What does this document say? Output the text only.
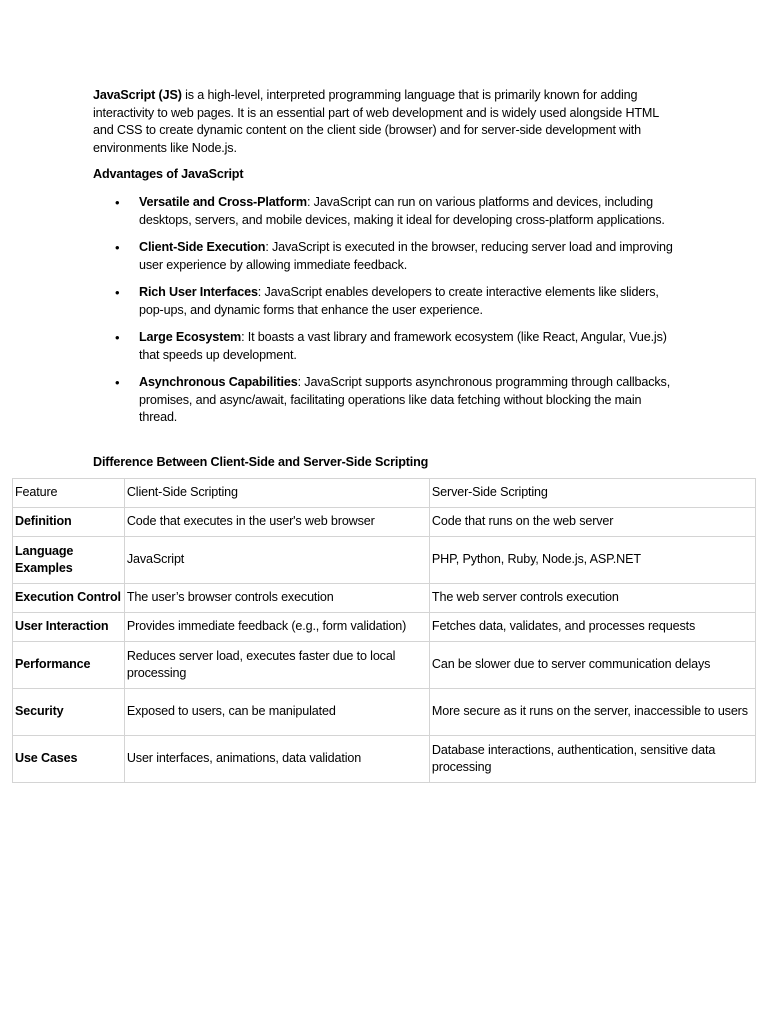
JavaScript (JS) is a high-level, interpreted programming language that is primarily known for adding interactivity to web pages. It is an essential part of web development and is widely used alongside HTML and CSS to create dynamic content on the client side (browser) and for server-side development with environments like Node.js.

Advantages of JavaScript

• Versatile and Cross-Platform: JavaScript can run on various platforms and devices, including desktops, servers, and mobile devices, making it ideal for developing cross-platform applications.
• Client-Side Execution: JavaScript is executed in the browser, reducing server load and improving user experience by allowing immediate feedback.
• Rich User Interfaces: JavaScript enables developers to create interactive elements like sliders, pop-ups, and dynamic forms that enhance the user experience.
• Large Ecosystem: It boasts a vast library and framework ecosystem (like React, Angular, Vue.js) that speeds up development.
• Asynchronous Capabilities: JavaScript supports asynchronous programming through callbacks, promises, and async/await, facilitating operations like data fetching without blocking the main thread.

Difference Between Client-Side and Server-Side Scripting

Feature	Client-Side Scripting	Server-Side Scripting
Definition	Code that executes in the user's web browser	Code that runs on the web server
Language Examples	JavaScript	PHP, Python, Ruby, Node.js, ASP.NET
Execution Control	The user’s browser controls execution	The web server controls execution
User Interaction	Provides immediate feedback (e.g., form validation)	Fetches data, validates, and processes requests
Performance	Reduces server load, executes faster due to local processing	Can be slower due to server communication delays
Security	Exposed to users, can be manipulated	More secure as it runs on the server, inaccessible to users
Use Cases	User interfaces, animations, data validation	Database interactions, authentication, sensitive data processing
